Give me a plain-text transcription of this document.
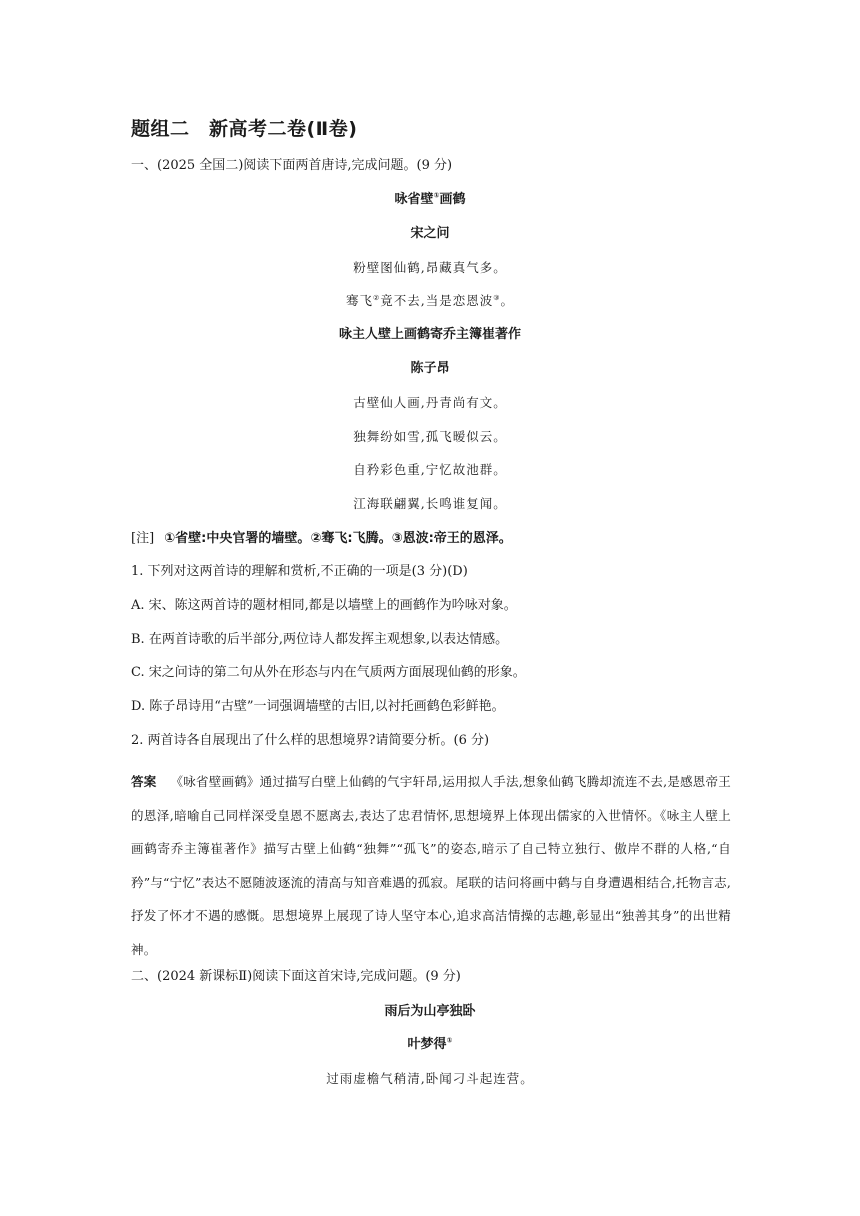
题组二　新高考二卷(Ⅱ卷)
一、(2025 全国二)阅读下面两首唐诗,完成问题。(9 分)
咏省壁①画鹤
宋之问
粉壁图仙鹤,昂藏真气多。
骞飞②竟不去,当是恋恩波③。
咏主人壁上画鹤寄乔主簿崔著作
陈子昂
古壁仙人画,丹青尚有文。
独舞纷如雪,孤飞暧似云。
自矜彩色重,宁忆故池群。
江海联翩翼,长鸣谁复闻。
[注] ①省壁:中央官署的墙壁。②骞飞:飞腾。③恩波:帝王的恩泽。
1. 下列对这两首诗的理解和赏析,不正确的一项是(3 分)(D)
A. 宋、陈这两首诗的题材相同,都是以墙壁上的画鹤作为吟咏对象。
B. 在两首诗歌的后半部分,两位诗人都发挥主观想象,以表达情感。
C. 宋之问诗的第二句从外在形态与内在气质两方面展现仙鹤的形象。
D. 陈子昂诗用“古壁”一词强调墙壁的古旧,以衬托画鹤色彩鲜艳。
2. 两首诗各自展现出了什么样的思想境界?请简要分析。(6 分)
答案 《咏省壁画鹤》通过描写白壁上仙鹤的气宇轩昂,运用拟人手法,想象仙鹤飞腾却流连不去,是感恩帝王的恩泽,暗喻自己同样深受皇恩不愿离去,表达了忠君情怀,思想境界上体现出儒家的入世情怀。《咏主人壁上画鹤寄乔主簿崔著作》描写古壁上仙鹤“独舞”“孤飞”的姿态,暗示了自己特立独行、傲岸不群的人格,“自矜”与“宁忆”表达不愿随波逐流的清高与知音难遇的孤寂。尾联的诘问将画中鹤与自身遭遇相结合,托物言志,抒发了怀才不遇的感慨。思想境界上展现了诗人坚守本心,追求高洁情操的志趣,彰显出“独善其身”的出世精神。
二、(2024 新课标Ⅱ)阅读下面这首宋诗,完成问题。(9 分)
雨后为山亭独卧
叶梦得①
过雨虚檐气稍清,卧闻刁斗起连营。
